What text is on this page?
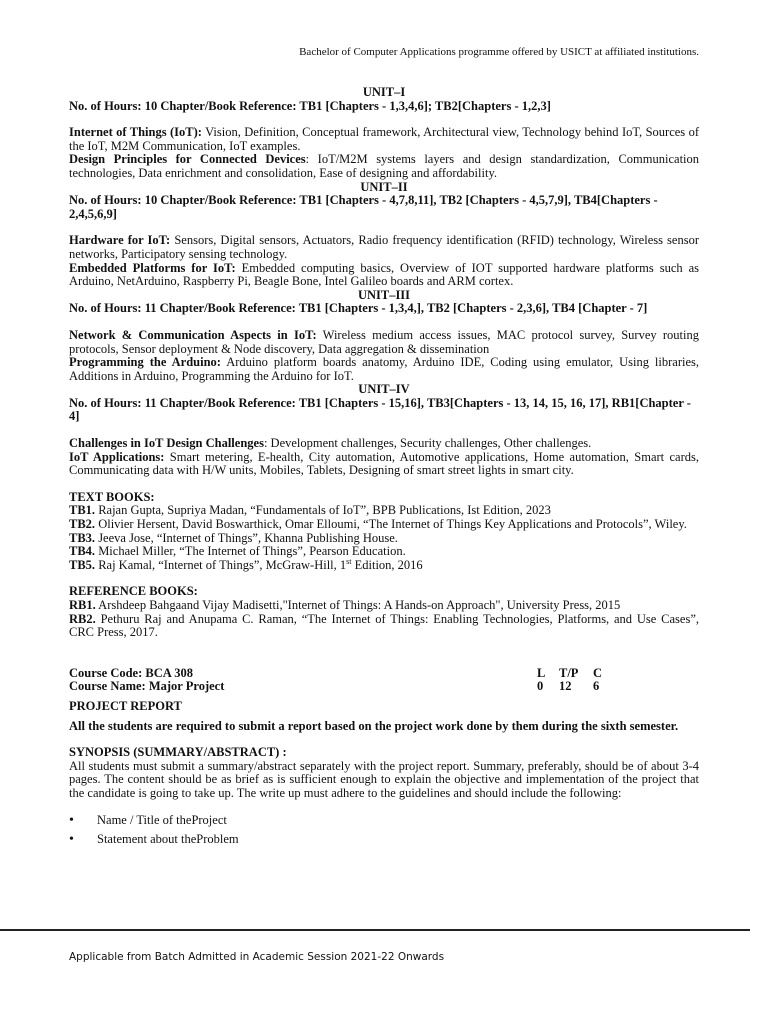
Bachelor of Computer Applications programme offered by USICT at affiliated institutions.
UNIT–I
No. of Hours: 10 Chapter/Book Reference: TB1 [Chapters - 1,3,4,6]; TB2[Chapters - 1,2,3]
Internet of Things (IoT): Vision, Definition, Conceptual framework, Architectural view, Technology behind IoT, Sources of the IoT, M2M Communication, IoT examples.
Design Principles for Connected Devices: IoT/M2M systems layers and design standardization, Communication technologies, Data enrichment and consolidation, Ease of designing and affordability.
UNIT–II
No. of Hours: 10 Chapter/Book Reference: TB1 [Chapters - 4,7,8,11], TB2 [Chapters - 4,5,7,9], TB4[Chapters - 2,4,5,6,9]
Hardware for IoT: Sensors, Digital sensors, Actuators, Radio frequency identification (RFID) technology, Wireless sensor networks, Participatory sensing technology.
Embedded Platforms for IoT: Embedded computing basics, Overview of IOT supported hardware platforms such as Arduino, NetArduino, Raspberry Pi, Beagle Bone, Intel Galileo boards and ARM cortex.
UNIT–III
No. of Hours: 11 Chapter/Book Reference: TB1 [Chapters - 1,3,4,], TB2 [Chapters - 2,3,6], TB4 [Chapter - 7]
Network & Communication Aspects in IoT: Wireless medium access issues, MAC protocol survey, Survey routing protocols, Sensor deployment & Node discovery, Data aggregation & dissemination
Programming the Arduino: Arduino platform boards anatomy, Arduino IDE, Coding using emulator, Using libraries, Additions in Arduino, Programming the Arduino for IoT.
UNIT–IV
No. of Hours: 11 Chapter/Book Reference: TB1 [Chapters - 15,16], TB3[Chapters - 13, 14, 15, 16, 17], RB1[Chapter - 4]
Challenges in IoT Design Challenges: Development challenges, Security challenges, Other challenges.
IoT Applications: Smart metering, E-health, City automation, Automotive applications, Home automation, Smart cards, Communicating data with H/W units, Mobiles, Tablets, Designing of smart street lights in smart city.
TEXT BOOKS:
TB1. Rajan Gupta, Supriya Madan, “Fundamentals of IoT”, BPB Publications, Ist Edition, 2023
TB2. Olivier Hersent, David Boswarthick, Omar Elloumi, “The Internet of Things Key Applications and Protocols”, Wiley.
TB3. Jeeva Jose, “Internet of Things”, Khanna Publishing House.
TB4. Michael Miller, “The Internet of Things”, Pearson Education.
TB5. Raj Kamal, “Internet of Things”, McGraw-Hill, 1st Edition, 2016
REFERENCE BOOKS:
RB1. Arshdeep Bahgaand Vijay Madisetti,"Internet of Things: A Hands-on Approach", University Press, 2015
RB2. Pethuru Raj and Anupama C. Raman, “The Internet of Things: Enabling Technologies, Platforms, and Use Cases”, CRC Press, 2017.
Course Code: BCA 308	L	T/P	C
Course Name: Major Project	0	12	6
PROJECT REPORT
All the students are required to submit a report based on the project work done by them during the sixth semester.
SYNOPSIS (SUMMARY/ABSTRACT) :
All students must submit a summary/abstract separately with the project report. Summary, preferably, should be of about 3-4 pages. The content should be as brief as is sufficient enough to explain the objective and implementation of the project that the candidate is going to take up. The write up must adhere to the guidelines and should include the following:
• Name / Title of theProject
• Statement about theProblem
Applicable from Batch Admitted in Academic Session 2021-22 Onwards
